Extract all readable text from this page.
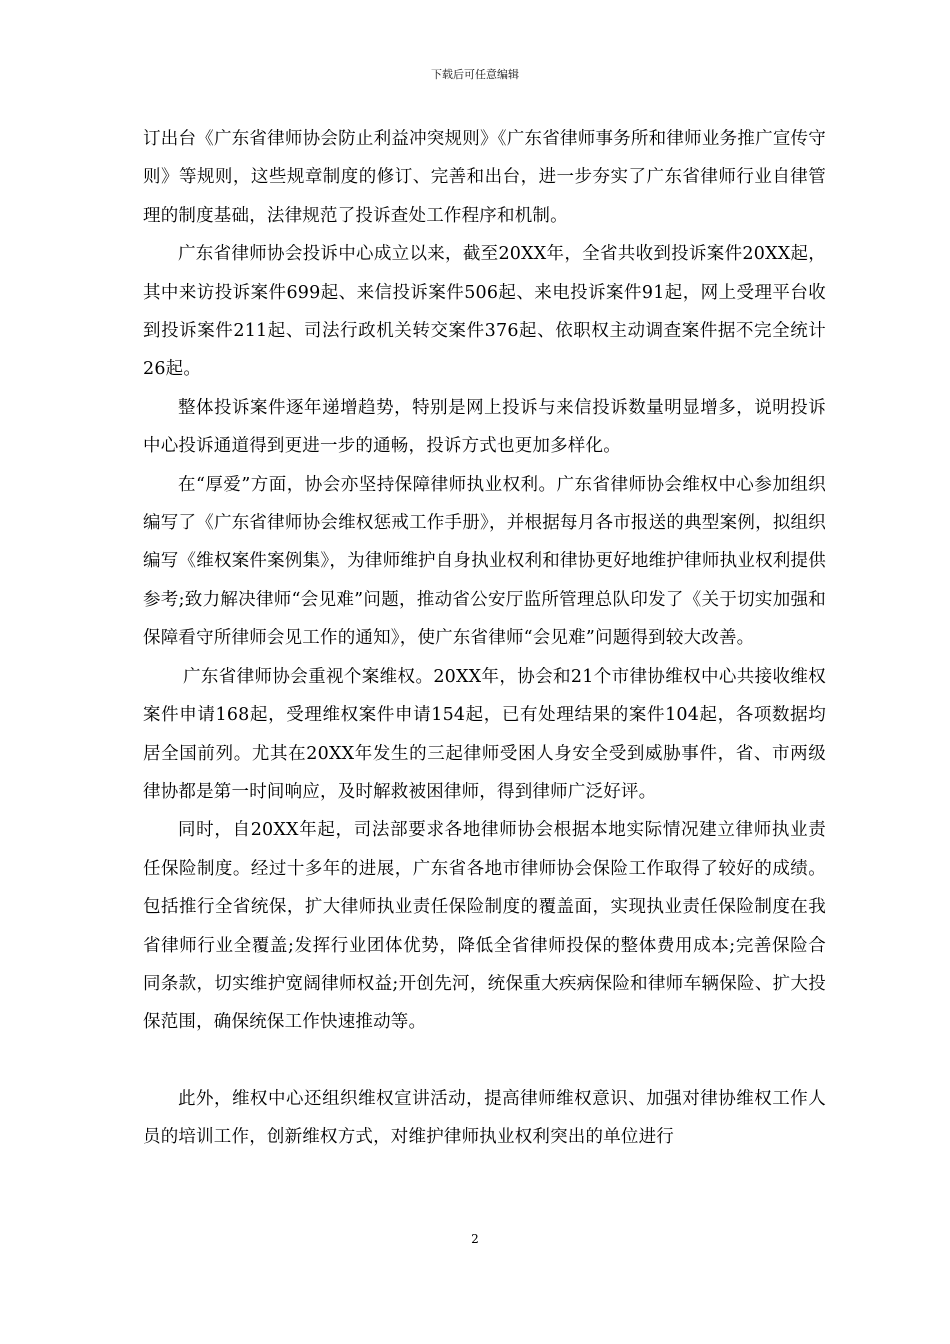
下载后可任意编辑

订出台《广东省律师协会防止利益冲突规则》《广东省律师事务所和律师业务推广宣传守则》等规则，这些规章制度的修订、完善和出台，进一步夯实了广东省律师行业自律管理的制度基础，法律规范了投诉查处工作程序和机制。

广东省律师协会投诉中心成立以来，截至20XX年，全省共收到投诉案件20XX起，其中来访投诉案件699起、来信投诉案件506起、来电投诉案件91起，网上受理平台收到投诉案件211起、司法行政机关转交案件376起、依职权主动调查案件据不完全统计26起。

整体投诉案件逐年递增趋势，特别是网上投诉与来信投诉数量明显增多，说明投诉中心投诉通道得到更进一步的通畅，投诉方式也更加多样化。

在“厚爱”方面，协会亦坚持保障律师执业权利。广东省律师协会维权中心参加组织编写了《广东省律师协会维权惩戒工作手册》，并根据每月各市报送的典型案例，拟组织编写《维权案件案例集》，为律师维护自身执业权利和律协更好地维护律师执业权利提供参考;致力解决律师“会见难”问题，推动省公安厅监所管理总队印发了《关于切实加强和保障看守所律师会见工作的通知》，使广东省律师“会见难”问题得到较大改善。

广东省律师协会重视个案维权。20XX年，协会和21个市律协维权中心共接收维权案件申请168起，受理维权案件申请154起，已有处理结果的案件104起，各项数据均居全国前列。尤其在20XX年发生的三起律师受困人身安全受到威胁事件，省、市两级律协都是第一时间响应，及时解救被困律师，得到律师广泛好评。

同时，自20XX年起，司法部要求各地律师协会根据本地实际情况建立律师执业责任保险制度。经过十多年的进展，广东省各地市律师协会保险工作取得了较好的成绩。包括推行全省统保，扩大律师执业责任保险制度的覆盖面，实现执业责任保险制度在我省律师行业全覆盖;发挥行业团体优势，降低全省律师投保的整体费用成本;完善保险合同条款，切实维护宽阔律师权益;开创先河，统保重大疾病保险和律师车辆保险、扩大投保范围，确保统保工作快速推动等。

此外，维权中心还组织维权宣讲活动，提高律师维权意识、加强对律协维权工作人员的培训工作，创新维权方式，对维护律师执业权利突出的单位进行

2
